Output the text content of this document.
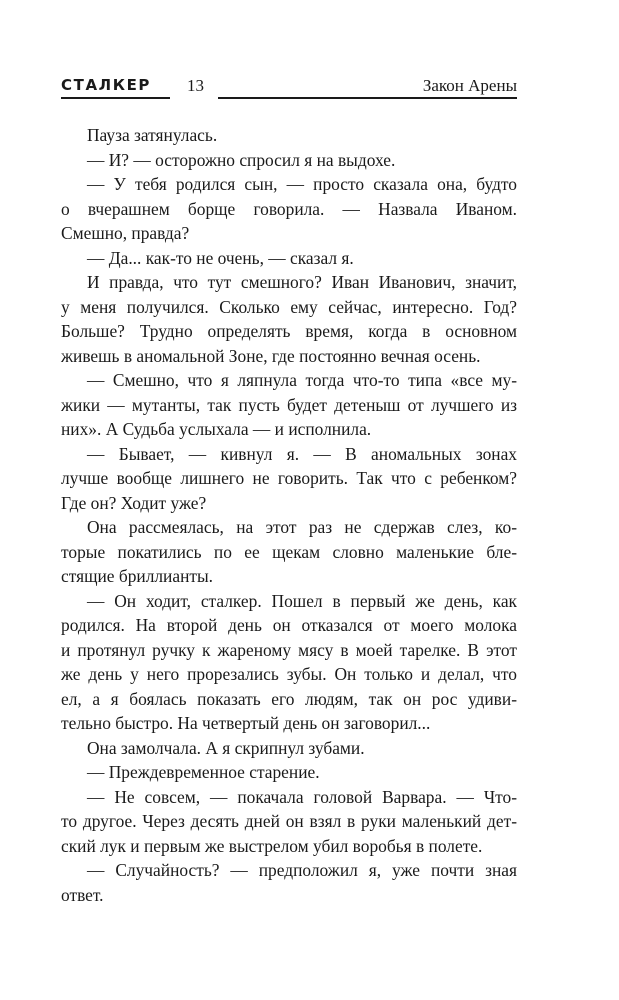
СТАЛКЕР 13	Закон Арены

Пауза затянулась.

— И? — осторожно спросил я на выдохе.

— У тебя родился сын, — просто сказала она, будто
о вчерашнем борще говорила. — Назвала Иваном.
Смешно, правда?

— Да... как-то не очень, — сказал я.

И правда, что тут смешного? Иван Иванович, значит,
у меня получился. Сколько ему сейчас, интересно. Год?
Больше? Трудно определять время, когда в основном
живешь в аномальной Зоне, где постоянно вечная осень.

— Смешно, что я ляпнула тогда что-то типа «все му-
жики — мутанты, так пусть будет детеныш от лучшего из
них». А Судьба услыхала — и исполнила.

— Бывает, — кивнул я. — В аномальных зонах
лучше вообще лишнего не говорить. Так что с ребенком?
Где он? Ходит уже?

Она рассмеялась, на этот раз не сдержав слез, ко-
торые покатились по ее щекам словно маленькие бле-
стящие бриллианты.

— Он ходит, сталкер. Пошел в первый же день, как
родился. На второй день он отказался от моего молока
и протянул ручку к жареному мясу в моей тарелке. В этот
же день у него прорезались зубы. Он только и делал, что
ел, а я боялась показать его людям, так он рос удиви-
тельно быстро. На четвертый день он заговорил...

Она замолчала. А я скрипнул зубами.

— Преждевременное старение.

— Не совсем, — покачала головой Варвара. — Что-
то другое. Через десять дней он взял в руки маленький дет-
ский лук и первым же выстрелом убил воробья в полете.

— Случайность? — предположил я, уже почти зная
ответ.
